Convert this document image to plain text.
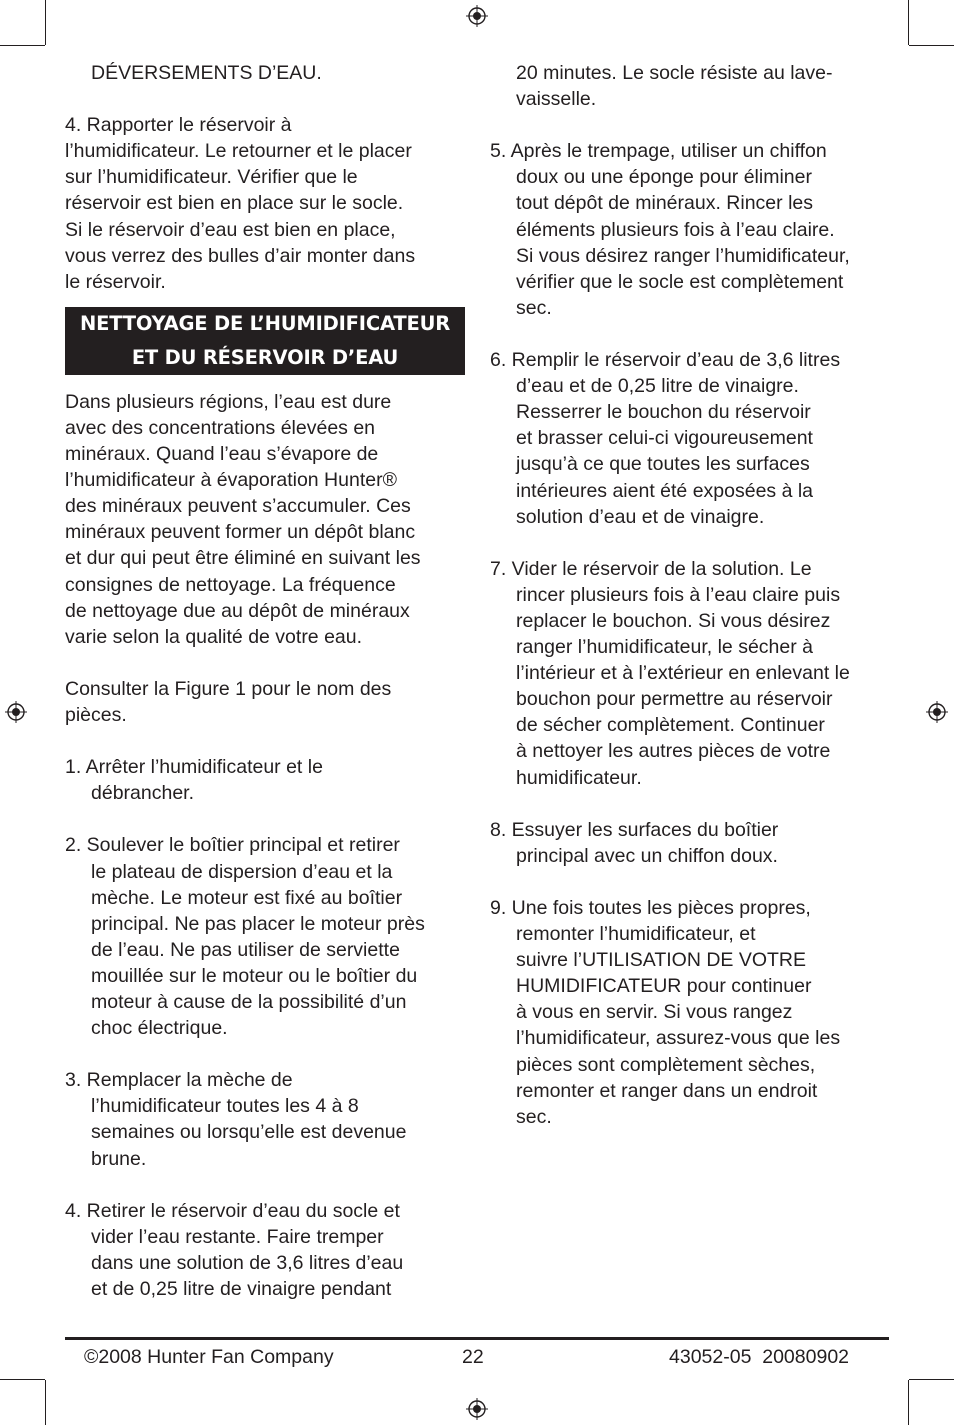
DÉVERSEMENTS D’EAU.

4. Rapporter le réservoir à

l’humidificateur. Le retourner et le placer

sur l’humidificateur. Vérifier que le

réservoir est bien en place sur le socle.

Si le réservoir d’eau est bien en place,

vous verrez des bulles d’air monter dans

le réservoir.

NETTOYAGE DE L’HUMIDIFICATEUR
ET DU RÉSERVOIR D’EAU

Dans plusieurs régions, l’eau est dure

avec des concentrations élevées en

minéraux. Quand l’eau s’évapore de

l’humidificateur à évaporation Hunter®

des minéraux peuvent s’accumuler. Ces

minéraux peuvent former un dépôt blanc

et dur qui peut être éliminé en suivant les

consignes de nettoyage. La fréquence

de nettoyage due au dépôt de minéraux

varie selon la qualité de votre eau.

Consulter la Figure 1 pour le nom des

pièces.

1. Arrêter l’humidificateur et le

débrancher.

2. Soulever le boîtier principal et retirer

le plateau de dispersion d’eau et la

mèche. Le moteur est fixé au boîtier

principal. Ne pas placer le moteur près

de l’eau. Ne pas utiliser de serviette

mouillée sur le moteur ou le boîtier du

moteur à cause de la possibilité d’un

choc électrique.

3. Remplacer la mèche de

l’humidificateur toutes les 4 à 8

semaines ou lorsqu’elle est devenue

brune.

4. Retirer le réservoir d’eau du socle et

vider l’eau restante. Faire tremper

dans une solution de 3,6 litres d’eau

et de 0,25 litre de vinaigre pendant

20 minutes. Le socle résiste au lave-

vaisselle.

5. Après le trempage, utiliser un chiffon

doux ou une éponge pour éliminer

tout dépôt de minéraux. Rincer les

éléments plusieurs fois à l’eau claire.

Si vous désirez ranger l’humidificateur,

vérifier que le socle est complètement

sec.

6. Remplir le réservoir d’eau de 3,6 litres

d’eau et de 0,25 litre de vinaigre.

Resserrer le bouchon du réservoir

et brasser celui-ci vigoureusement

jusqu’à ce que toutes les surfaces

intérieures aient été exposées à la

solution d’eau et de vinaigre.

7. Vider le réservoir de la solution. Le

rincer plusieurs fois à l’eau claire puis

replacer le bouchon. Si vous désirez

ranger l’humidificateur, le sécher à

l’intérieur et à l’extérieur en enlevant le

bouchon pour permettre au réservoir

de sécher complètement. Continuer

à nettoyer les autres pièces de votre

humidificateur.

8. Essuyer les surfaces du boîtier

principal avec un chiffon doux.

9. Une fois toutes les pièces propres,

remonter l’humidificateur, et

suivre l’UTILISATION DE VOTRE

HUMIDIFICATEUR pour continuer

à vous en servir. Si vous rangez

l’humidificateur, assurez-vous que les

pièces sont complètement sèches,

remonter et ranger dans un endroit

sec.

©2008 Hunter Fan Company	22	43052-05  20080902
